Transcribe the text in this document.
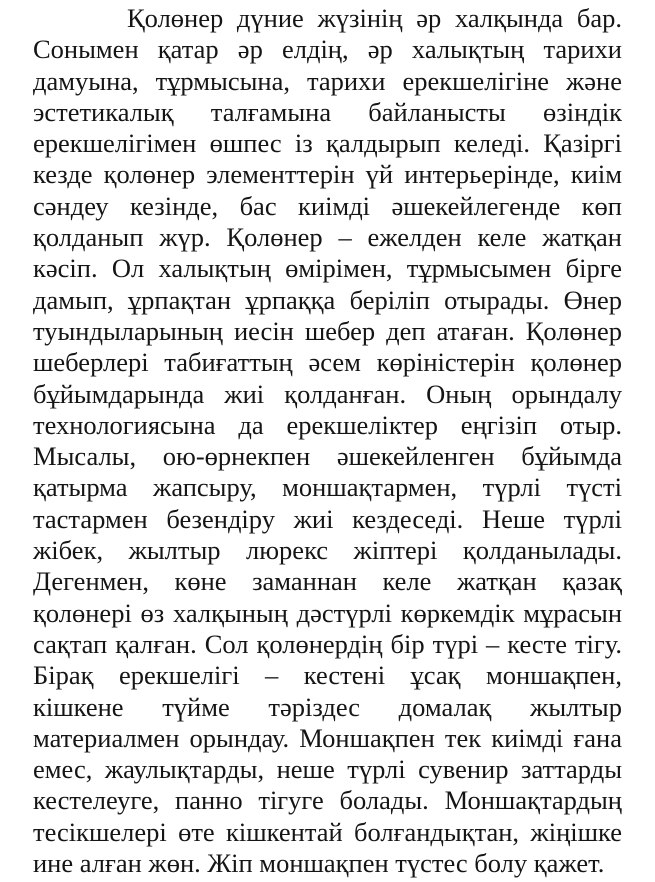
Қолөнер дүние жүзінің әр халқында бар.
Сонымен қатар әр елдің, әр халықтың тарихи
дамуына, тұрмысына, тарихи ерекшелігіне және
эстетикалық талғамына байланысты өзіндік
ерекшелігімен өшпес із қалдырып келеді. Қазіргі
кезде қолөнер элементтерін үй интерьерінде, киім
сәндеу кезінде, бас киімді әшекейлегенде көп
қолданып жүр. Қолөнер – ежелден келе жатқан
кәсіп. Ол халықтың өмірімен, тұрмысымен бірге
дамып, ұрпақтан ұрпаққа беріліп отырады. Өнер
туындыларының иесін шебер деп атаған. Қолөнер
шеберлері табиғаттың әсем көріністерін қолөнер
бұйымдарында жиі қолданған. Оның орындалу
технологиясына да ерекшеліктер еңгізіп отыр.
Мысалы, ою-өрнекпен әшекейленген бұйымда
қатырма жапсыру, моншақтармен, түрлі түсті
тастармен безендіру жиі кездеседі. Неше түрлі
жібек, жылтыр люрекс жіптері қолданылады.
Дегенмен, көне заманнан келе жатқан қазақ
қолөнері өз халқының дәстүрлі көркемдік мұрасын
сақтап қалған. Сол қолөнердің бір түрі – кесте тігу.
Бірақ ерекшелігі – кестені ұсақ моншақпен,
кішкене түйме тәріздес домалақ жылтыр
материалмен орындау. Моншақпен тек киімді ғана
емес, жаулықтарды, неше түрлі сувенир заттарды
кестелеуге, панно тігуге болады. Моншақтардың
тесікшелері өте кішкентай болғандықтан, жіңішке
ине алған жөн. Жіп моншақпен түстес болу қажет.
